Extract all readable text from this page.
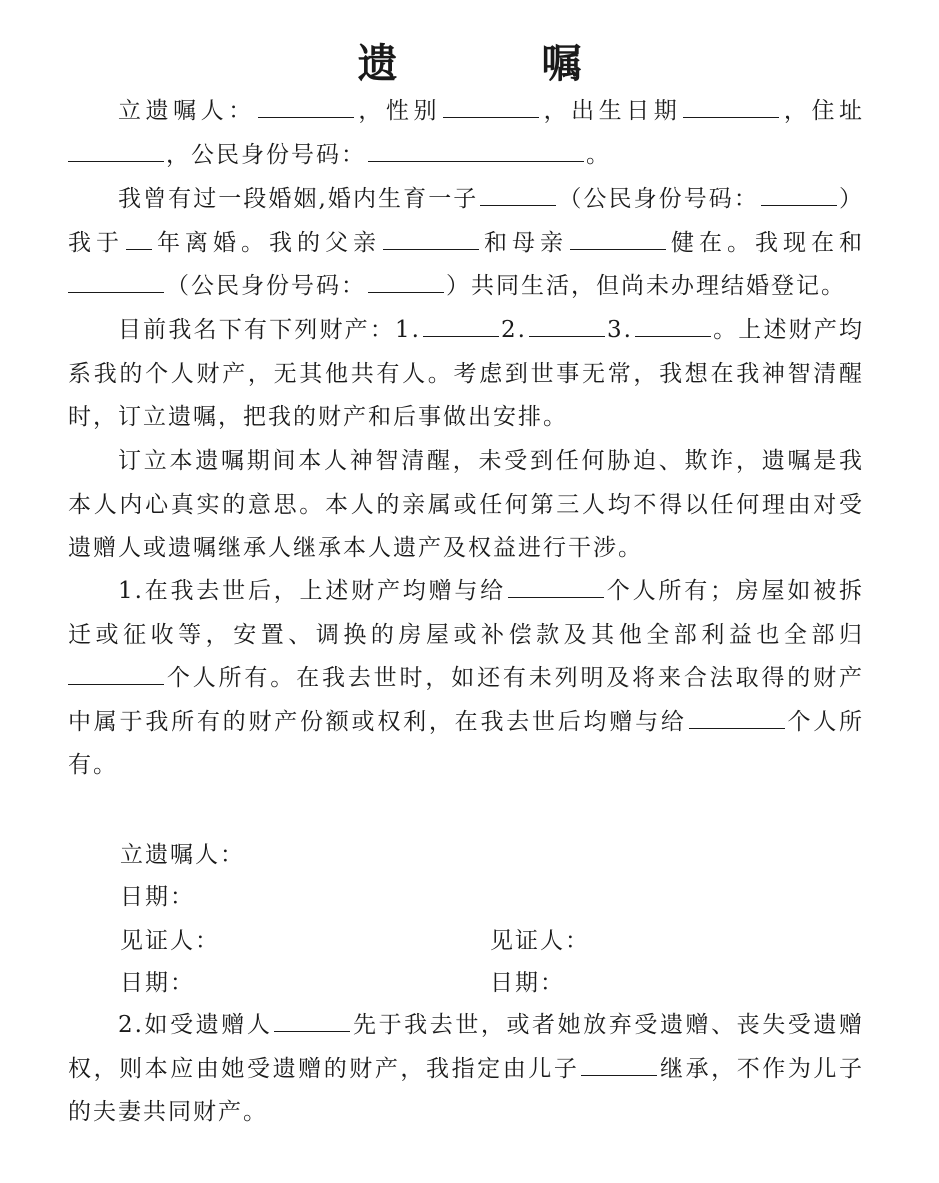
遗　嘱

立遗嘱人：	，性别	，出生日期	，住址，公民身份号码：	。

我曾有过一段婚姻,婚内生育一子	（公民身份号码：	）我于 年离婚。我的父亲	和母亲	健在。我现在和（公民身份号码：	）共同生活，但尚未办理结婚登记。

目前我名下有下列财产：1.	2.	3.	。上述财产均系我的个人财产，无其他共有人。考虑到世事无常，我想在我神智清醒时，订立遗嘱，把我的财产和后事做出安排。

订立本遗嘱期间本人神智清醒，未受到任何胁迫、欺诈，遗嘱是我本人内心真实的意思。本人的亲属或任何第三人均不得以任何理由对受遗赠人或遗嘱继承人继承本人遗产及权益进行干涉。

1.在我去世后，上述财产均赠与给	个人所有；房屋如被拆迁或征收等，安置、调换的房屋或补偿款及其他全部利益也全部归个人所有。在我去世时，如还有未列明及将来合法取得的财产中属于我所有的财产份额或权利，在我去世后均赠与给	个人所有。

立遗嘱人：
日期：
见证人：	见证人：
日期：	日期：

2.如受遗赠人	先于我去世，或者她放弃受遗赠、丧失受遗赠权，则本应由她受遗赠的财产，我指定由儿子	继承，不作为儿子的夫妻共同财产。
